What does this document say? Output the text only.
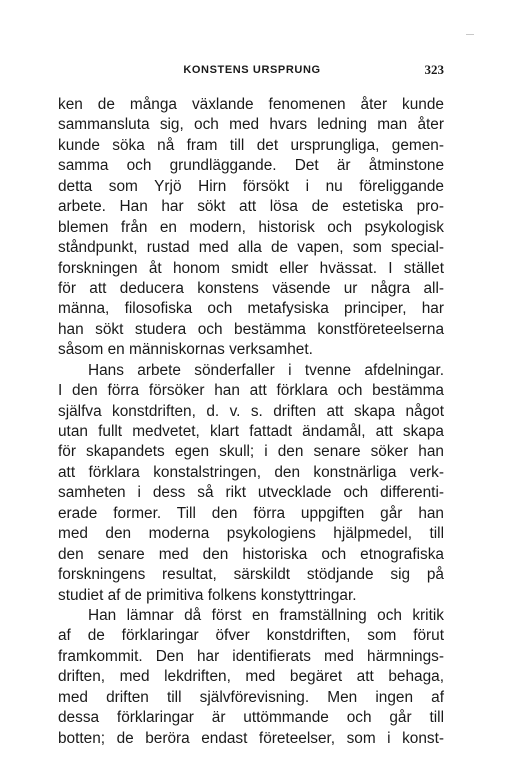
KONSTENS URSPRUNG	323
ken de många växlande fenomenen åter kunde
sammansluta sig, och med hvars ledning man åter
kunde söka nå fram till det ursprungliga, gemen-
samma och grundläggande. Det är åtminstone
detta som Yrjö Hirn försökt i nu föreliggande
arbete. Han har sökt att lösa de estetiska pro-
blemen från en modern, historisk och psykologisk
ståndpunkt, rustad med alla de vapen, som special-
forskningen åt honom smidt eller hvässat. I stället
för att deducera konstens väsende ur några all-
männa, filosofiska och metafysiska principer, har
han sökt studera och bestämma konstföreteelserna
såsom en människornas verksamhet.
Hans arbete sönderfaller i tvenne afdelningar.
I den förra försöker han att förklara och bestämma
själfva konstdriften, d. v. s. driften att skapa något
utan fullt medvetet, klart fattadt ändamål, att skapa
för skapandets egen skull; i den senare söker han
att förklara konstalstringen, den konstnärliga verk-
samheten i dess så rikt utvecklade och differenti-
erade former. Till den förra uppgiften går han
med den moderna psykologiens hjälpmedel, till
den senare med den historiska och etnografiska
forskningens resultat, särskildt stödjande sig på
studiet af de primitiva folkens konstyttringar.
Han lämnar då först en framställning och kritik
af de förklaringar öfver konstdriften, som förut
framkommit. Den har identifierats med härmnings-
driften, med lekdriften, med begäret att behaga,
med driften till självförevisning. Men ingen af
dessa förklaringar är uttömmande och går till
botten; de beröra endast företeelser, som i konst-
